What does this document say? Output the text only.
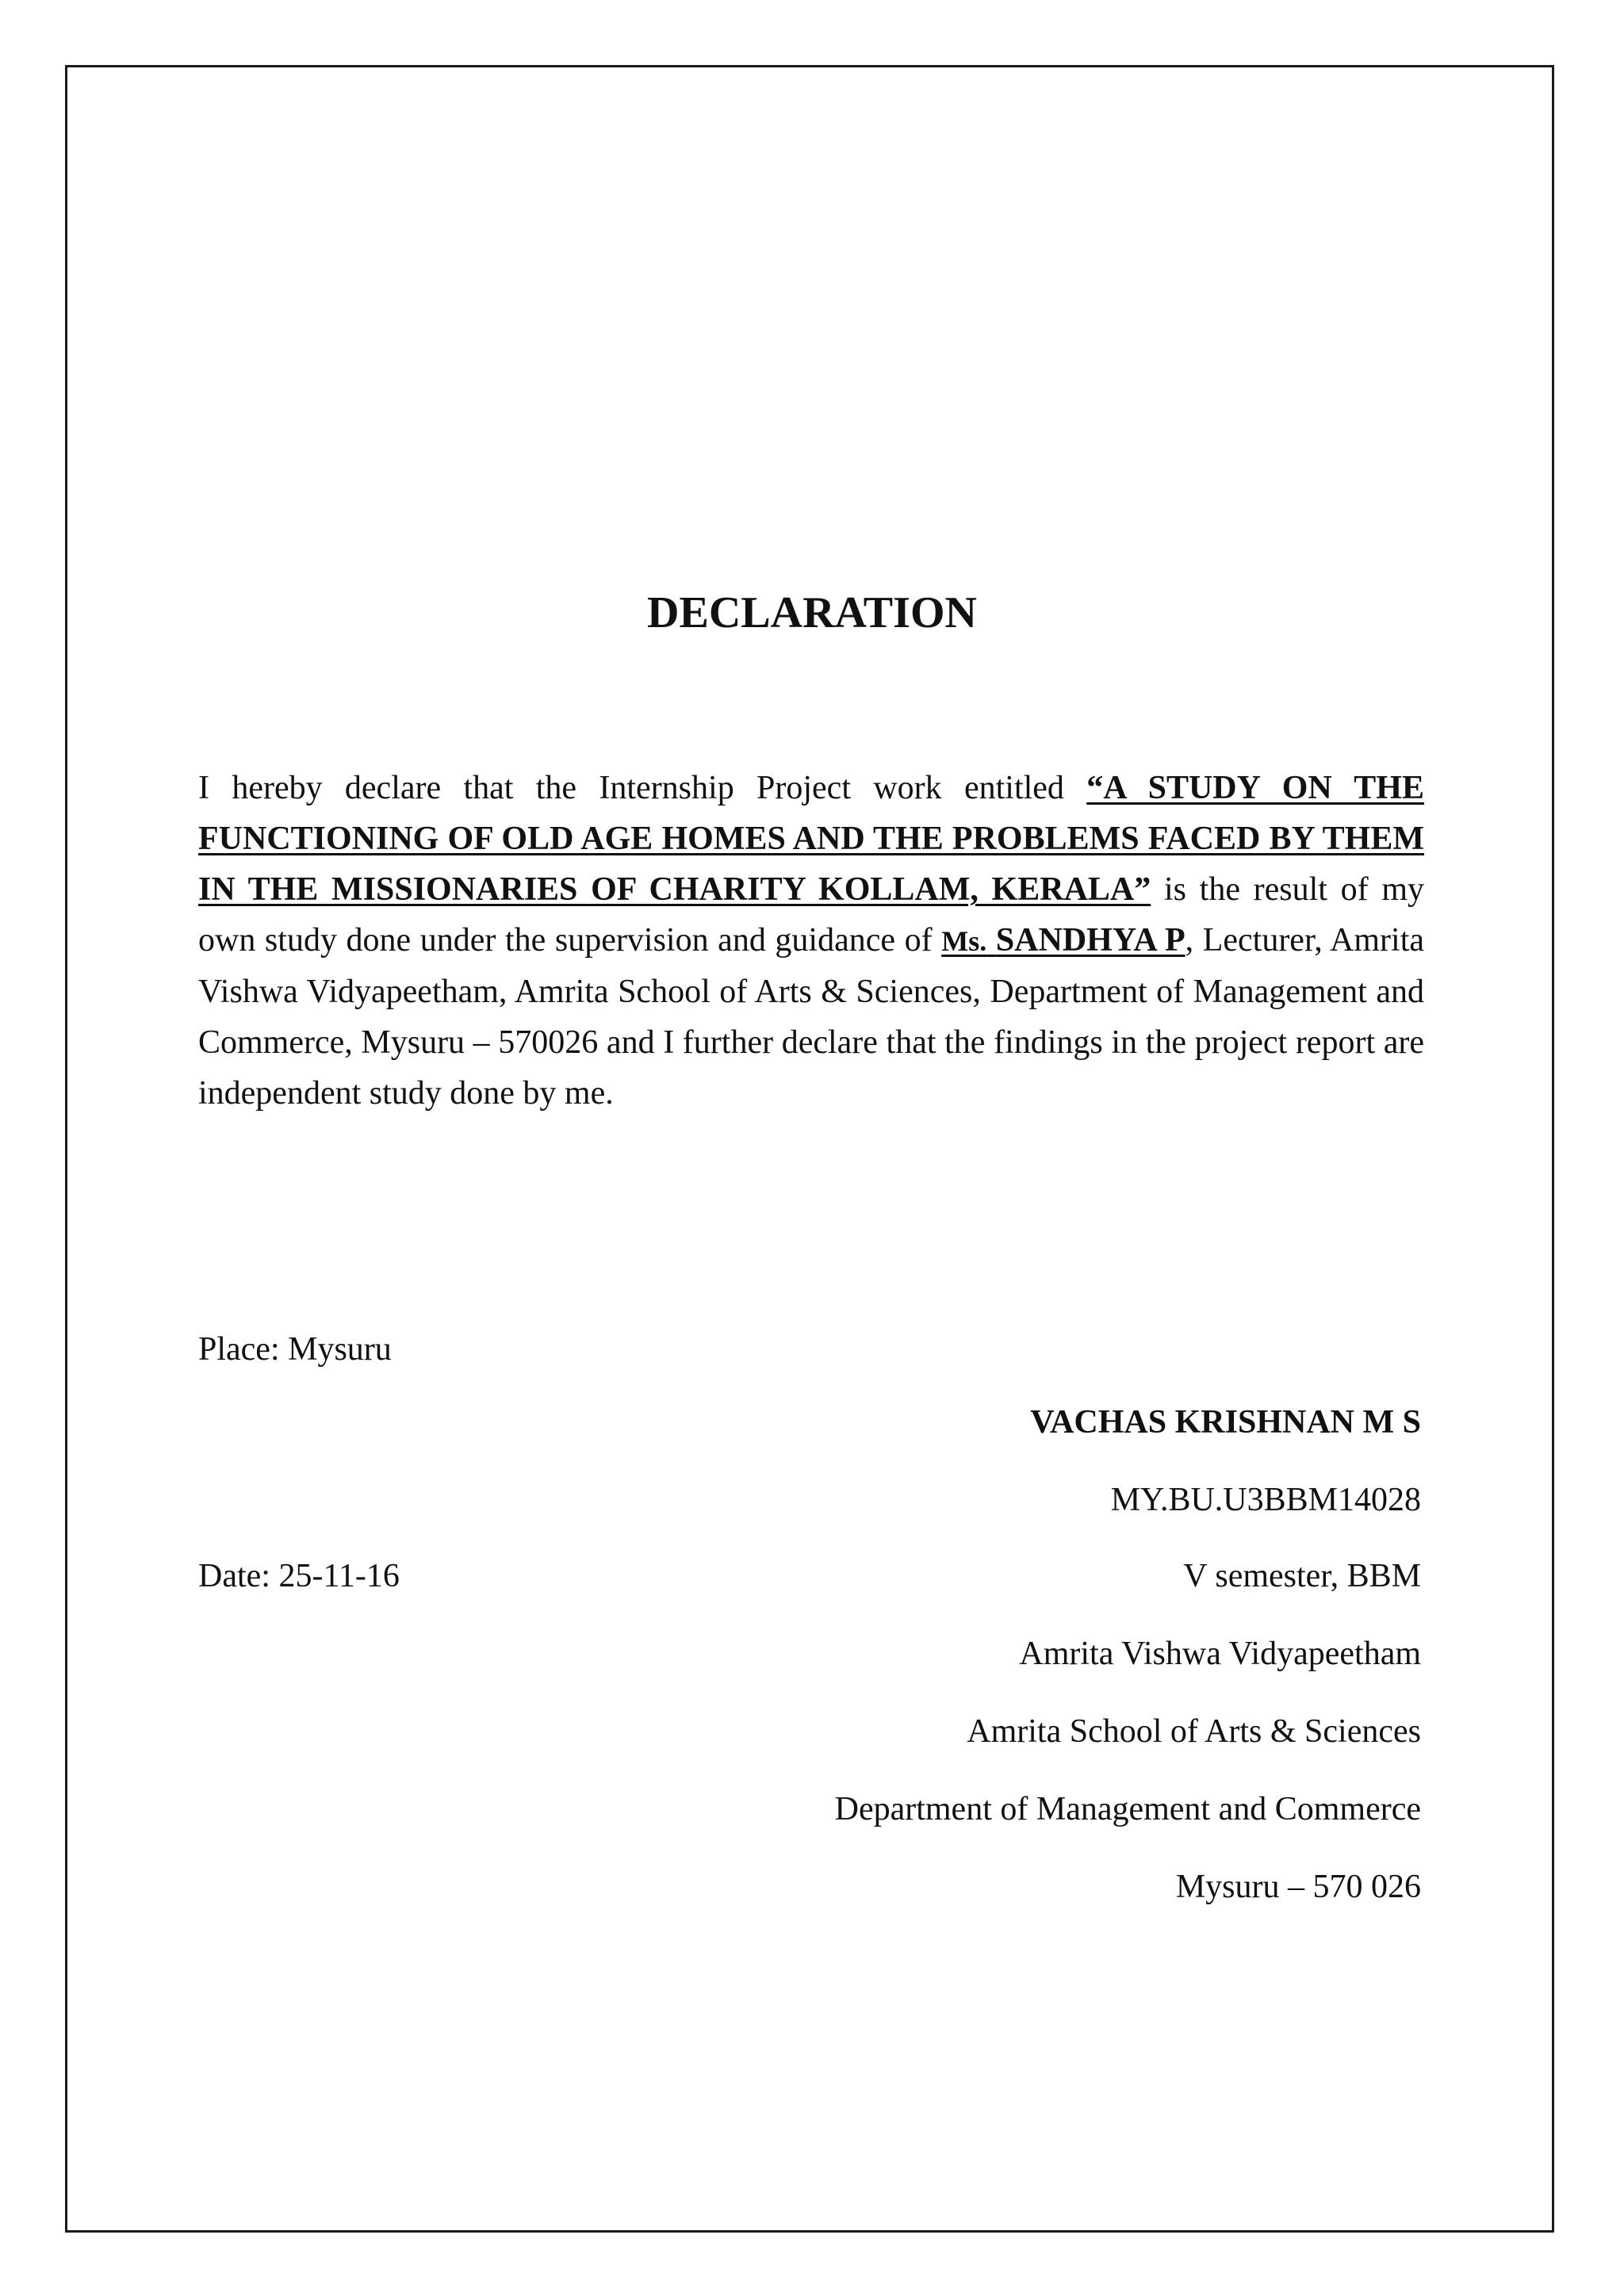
DECLARATION

I hereby declare that the Internship Project work entitled “A STUDY ON THE FUNCTIONING OF OLD AGE HOMES AND THE PROBLEMS FACED BY THEM IN THE MISSIONARIES OF CHARITY KOLLAM, KERALA” is the result of my own study done under the supervision and guidance of Ms. SANDHYA P, Lecturer, Amrita Vishwa Vidyapeetham, Amrita School of Arts & Sciences, Department of Management and Commerce, Mysuru – 570026 and I further declare that the findings in the project report are independent study done by me.

Place: Mysuru

VACHAS KRISHNAN M S

MY.BU.U3BBM14028

Date: 25-11-16	V semester, BBM

Amrita Vishwa Vidyapeetham

Amrita School of Arts & Sciences

Department of Management and Commerce

Mysuru – 570 026
